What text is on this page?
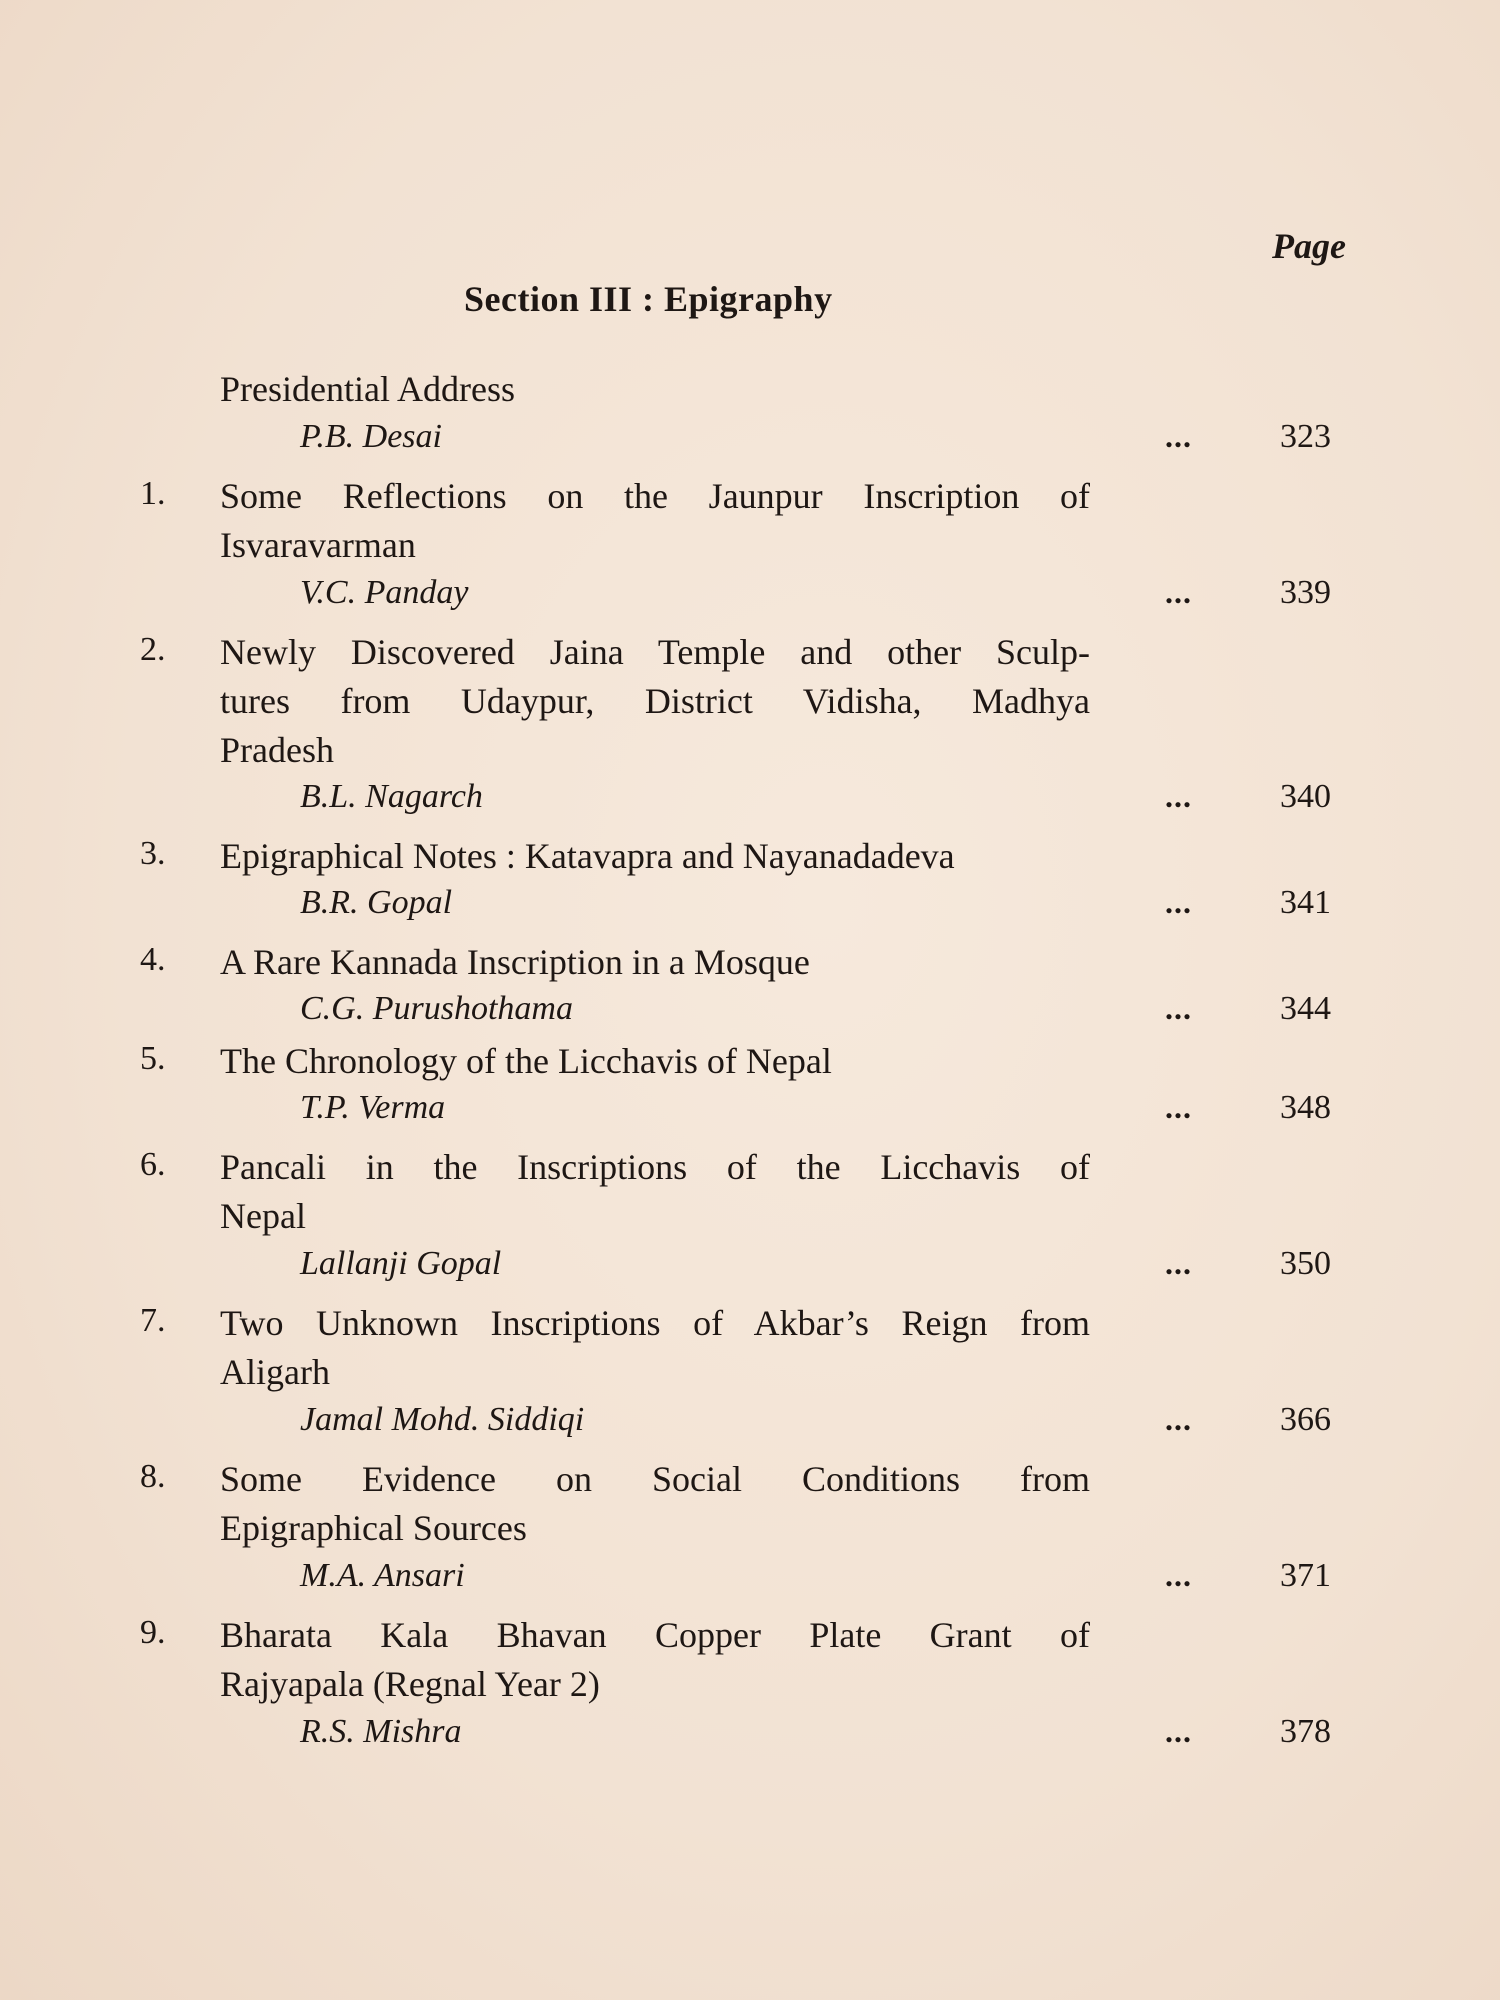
Page
Section III : Epigraphy
Presidential Address
P.B. Desai	...	323
1. Some Reflections on the Jaunpur Inscription of
Isvaravarman
V.C. Panday	...	339
2. Newly Discovered Jaina Temple and other Sculp-
tures from Udaypur, District Vidisha, Madhya
Pradesh
B.L. Nagarch	...	340
3. Epigraphical Notes : Katavapra and Nayanadadeva
B.R. Gopal	...	341
4. A Rare Kannada Inscription in a Mosque
C.G. Purushothama	...	344
5. The Chronology of the Licchavis of Nepal
T.P. Verma	...	348
6. Pancali in the Inscriptions of the Licchavis of
Nepal
Lallanji Gopal	...	350
7. Two Unknown Inscriptions of Akbar’s Reign from
Aligarh
Jamal Mohd. Siddiqi	...	366
8. Some Evidence on Social Conditions from
Epigraphical Sources
M.A. Ansari	...	371
9. Bharata Kala Bhavan Copper Plate Grant of
Rajyapala (Regnal Year 2)
R.S. Mishra	...	378
